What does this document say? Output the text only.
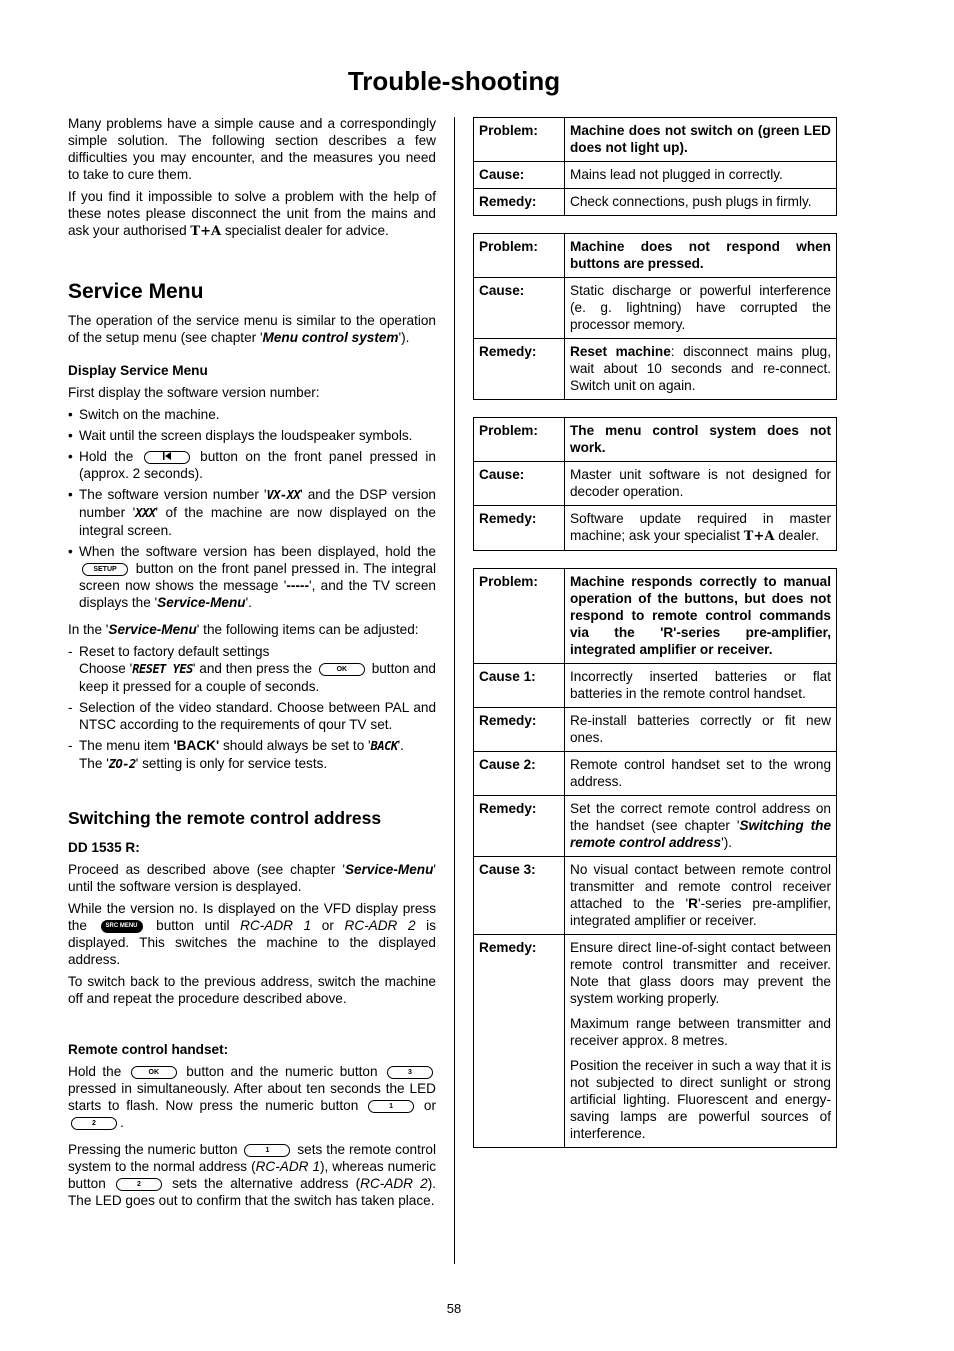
Trouble-shooting

Many problems have a simple cause and a correspondingly simple solution. The following section describes a few difficulties you may encounter, and the measures you need to take to cure them.

If you find it impossible to solve a problem with the help of these notes please disconnect the unit from the mains and ask your authorised T+A specialist dealer for advice.

Service Menu

The operation of the service menu is similar to the operation of the setup menu (see chapter 'Menu control system').

Display Service Menu

First display the software version number:

• Switch on the machine.
• Wait until the screen displays the loudspeaker symbols.
• Hold the	button on the front panel pressed in (approx. 2 seconds).
• The software version number 'VX-XX' and the DSP version number 'XXX' of the machine are now displayed on the integral screen.
• When the software version has been displayed, hold the SETUP button on the front panel pressed in. The integral screen now shows the message '-----', and the TV screen displays the 'Service-Menu'.

In the 'Service-Menu' the following items can be adjusted:

- Reset to factory default settings
Choose 'RESET YES' and then press the	OK button and keep it pressed for a couple of seconds.
- Selection of the video standard. Choose between PAL and NTSC according to the requirements of qour TV set.
- The menu item 'BACK' should always be set to 'BACK'.
The 'ZO-2' setting is only for service tests.
Switching the remote control address
DD 1535 R:

Proceed as described above (see chapter 'Service-Menu' until the software version is desplayed.

While the version no. Is displayed on the VFD display press the	SRC MENU button until RC-ADR 1 or RC-ADR 2 is displayed. This switches the machine to the displayed address.

To switch back to the previous address, switch the machine off and repeat the procedure described above.

Remote control handset:

Hold the	OK button and the numeric button	3 pressed in simultaneously. After about ten seconds the LED starts to flash. Now press the numeric button	1 or 2 .

Pressing the numeric button	1 sets the remote control system to the normal address (RC-ADR 1), whereas numeric button	2 sets the alternative address (RC-ADR 2). The LED goes out to confirm that the switch has taken place.

Problem:	Machine does not switch on (green LED does not light up).
Cause:	Mains lead not plugged in correctly.
Remedy:	Check connections, push plugs in firmly.
Problem:	Machine does not respond when buttons are pressed.
Cause:	Static discharge or powerful interference (e. g. lightning) have corrupted the processor memory.
Remedy:	Reset machine: disconnect mains plug, wait about 10 seconds and re-connect. Switch unit on again.
Problem:	The menu control system does not work.
Cause:	Master unit software is not designed for decoder operation.
Remedy:	Software update required in master machine; ask your specialist T+A dealer.
Problem:	Machine responds correctly to manual operation of the buttons, but does not respond to remote control commands via the 'R'-series pre-amplifier, integrated amplifier or receiver.
Cause 1:	Incorrectly inserted batteries or flat batteries in the remote control handset.
Remedy:	Re-install batteries correctly or fit new ones.
Cause 2:	Remote control handset set to the wrong address.
Remedy:	Set the correct remote control address on the handset (see chapter 'Switching the remote control address').
Cause 3:	No visual contact between remote control transmitter and remote control receiver attached to the 'R'-series pre-amplifier, integrated amplifier or receiver.
Remedy:	Ensure direct line-of-sight contact between remote control transmitter and receiver. Note that glass doors may prevent the system working properly.

Maximum range between transmitter and receiver approx. 8 metres.

Position the receiver in such a way that it is not subjected to direct sunlight or strong artificial lighting. Fluorescent and energy-saving lamps are powerful sources of interference.

58
